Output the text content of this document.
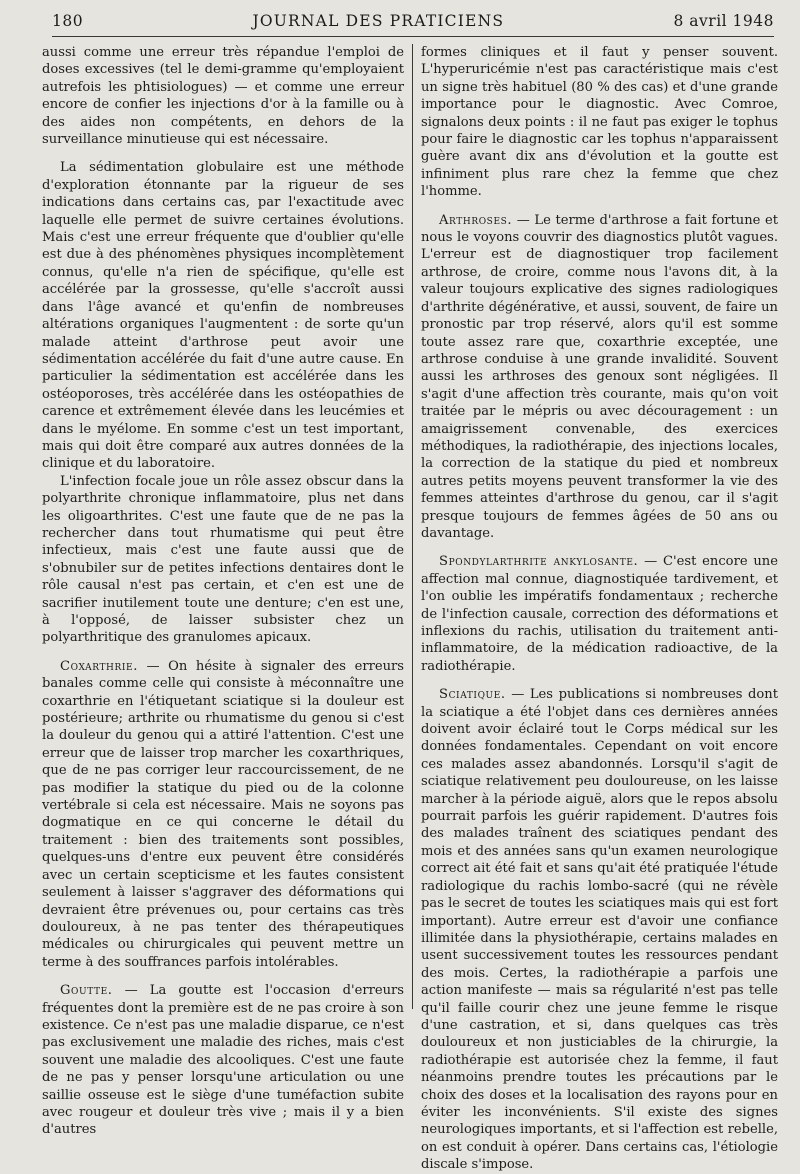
180	JOURNAL DES PRATICIENS	8 avril 1948

aussi comme une erreur très répandue l'emploi de doses excessives (tel le demi-gramme qu'employaient autrefois les phtisiologues) — et comme une erreur encore de confier les injections d'or à la famille ou à des aides non compétents, en dehors de la surveillance minutieuse qui est nécessaire.

La sédimentation globulaire est une méthode d'exploration étonnante par la rigueur de ses indications dans certains cas, par l'exactitude avec laquelle elle permet de suivre certaines évolutions. Mais c'est une erreur fréquente que d'oublier qu'elle est due à des phénomènes physiques incomplètement connus, qu'elle n'a rien de spécifique, qu'elle est accélérée par la grossesse, qu'elle s'accroît aussi dans l'âge avancé et qu'enfin de nombreuses altérations organiques l'augmentent : de sorte qu'un malade atteint d'arthrose peut avoir une sédimentation accélérée du fait d'une autre cause. En particulier la sédimentation est accélérée dans les ostéoporoses, très accélérée dans les ostéopathies de carence et extrêmement élevée dans les leucémies et dans le myélome. En somme c'est un test important, mais qui doit être comparé aux autres données de la clinique et du laboratoire.

L'infection focale joue un rôle assez obscur dans la polyarthrite chronique inflammatoire, plus net dans les oligoarthrites. C'est une faute que de ne pas la rechercher dans tout rhumatisme qui peut être infectieux, mais c'est une faute aussi que de s'obnubiler sur de petites infections dentaires dont le rôle causal n'est pas certain, et c'en est une de sacrifier inutilement toute une denture; c'en est une, à l'opposé, de laisser subsister chez un polyarthritique des granulomes apicaux.

Coxarthrie. — On hésite à signaler des erreurs banales comme celle qui consiste à méconnaître une coxarthrie en l'étiquetant sciatique si la douleur est postérieure; arthrite ou rhumatisme du genou si c'est la douleur du genou qui a attiré l'attention. C'est une erreur que de laisser trop marcher les coxarthriques, que de ne pas corriger leur raccourcissement, de ne pas modifier la statique du pied ou de la colonne vertébrale si cela est nécessaire. Mais ne soyons pas dogmatique en ce qui concerne le détail du traitement : bien des traitements sont possibles, quelques-uns d'entre eux peuvent être considérés avec un certain scepticisme et les fautes consistent seulement à laisser s'aggraver des déformations qui devraient être prévenues ou, pour certains cas très douloureux, à ne pas tenter des thérapeutiques médicales ou chirurgicales qui peuvent mettre un terme à des souffrances parfois intolérables.

Goutte. — La goutte est l'occasion d'erreurs fréquentes dont la première est de ne pas croire à son existence. Ce n'est pas une maladie disparue, ce n'est pas exclusivement une maladie des riches, mais c'est souvent une maladie des alcooliques. C'est une faute de ne pas y penser lorsqu'une articulation ou une saillie osseuse est le siège d'une tuméfaction subite avec rougeur et douleur très vive ; mais il y a bien d'autres

formes cliniques et il faut y penser souvent. L'hyperuricémie n'est pas caractéristique mais c'est un signe très habituel (80 % des cas) et d'une grande importance pour le diagnostic. Avec Comroe, signalons deux points : il ne faut pas exiger le tophus pour faire le diagnostic car les tophus n'apparaissent guère avant dix ans d'évolution et la goutte est infiniment plus rare chez la femme que chez l'homme.

Arthroses. — Le terme d'arthrose a fait fortune et nous le voyons couvrir des diagnostics plutôt vagues. L'erreur est de diagnostiquer trop facilement arthrose, de croire, comme nous l'avons dit, à la valeur toujours explicative des signes radiologiques d'arthrite dégénérative, et aussi, souvent, de faire un pronostic par trop réservé, alors qu'il est somme toute assez rare que, coxarthrie exceptée, une arthrose conduise à une grande invalidité. Souvent aussi les arthroses des genoux sont négligées. Il s'agit d'une affection très courante, mais qu'on voit traitée par le mépris ou avec découragement : un amaigrissement convenable, des exercices méthodiques, la radiothérapie, des injections locales, la correction de la statique du pied et nombreux autres petits moyens peuvent transformer la vie des femmes atteintes d'arthrose du genou, car il s'agit presque toujours de femmes âgées de 50 ans ou davantage.

Spondylarthrite ankylosante. — C'est encore une affection mal connue, diagnostiquée tardivement, et l'on oublie les impératifs fondamentaux ; recherche de l'infection causale, correction des déformations et inflexions du rachis, utilisation du traitement anti-inflammatoire, de la médication radioactive, de la radiothérapie.

Sciatique. — Les publications si nombreuses dont la sciatique a été l'objet dans ces dernières années doivent avoir éclairé tout le Corps médical sur les données fondamentales. Cependant on voit encore ces malades assez abandonnés. Lorsqu'il s'agit de sciatique relativement peu douloureuse, on les laisse marcher à la période aiguë, alors que le repos absolu pourrait parfois les guérir rapidement. D'autres fois des malades traînent des sciatiques pendant des mois et des années sans qu'un examen neurologique correct ait été fait et sans qu'ait été pratiquée l'étude radiologique du rachis lombo-sacré (qui ne révèle pas le secret de toutes les sciatiques mais qui est fort important). Autre erreur est d'avoir une confiance illimitée dans la physiothérapie, certains malades en usent successivement toutes les ressources pendant des mois. Certes, la radiothérapie a parfois une action manifeste — mais sa régularité n'est pas telle qu'il faille courir chez une jeune femme le risque d'une castration, et si, dans quelques cas très douloureux et non justiciables de la chirurgie, la radiothérapie est autorisée chez la femme, il faut néanmoins prendre toutes les précautions par le choix des doses et la localisation des rayons pour en éviter les inconvénients. S'il existe des signes neurologiques importants, et si l'affection est rebelle, on est conduit à opérer. Dans certains cas, l'étiologie discale s'impose.
